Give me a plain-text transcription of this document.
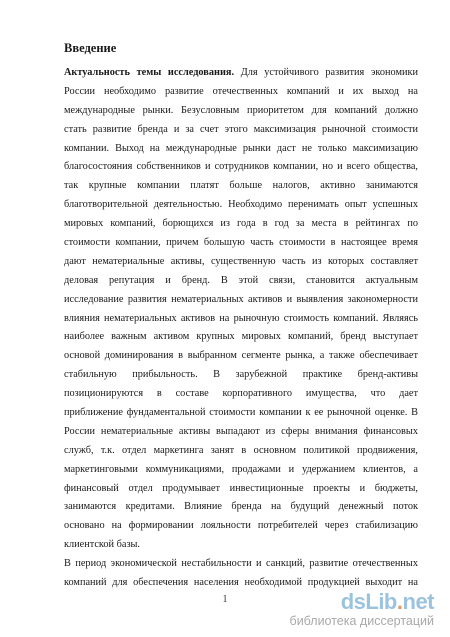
Введение
Актуальность темы исследования. Для устойчивого развития экономики
России необходимо развитие отечественных компаний и их выход на
международные рынки. Безусловным приоритетом для компаний должно
стать развитие бренда и за счет этого максимизация рыночной стоимости
компании. Выход на международные рынки даст не только максимизацию
благосостояния собственников и сотрудников компании, но и всего общества,
так крупные компании платят больше налогов, активно занимаются
благотворительной деятельностью. Необходимо перенимать опыт успешных
мировых компаний, борющихся из года в год за места в рейтингах по
стоимости компании, причем большую часть стоимости в настоящее время
дают нематериальные активы, существенную часть из которых составляет
деловая репутация и бренд. В этой связи, становится актуальным
исследование развития нематериальных активов и выявления закономерности
влияния нематериальных активов на рыночную стоимость компаний. Являясь
наиболее важным активом крупных мировых компаний, бренд выступает
основой доминирования в выбранном сегменте рынка, а также обеспечивает
стабильную прибыльность. В зарубежной практике бренд-активы
позиционируются в составе корпоративного имущества, что дает
приближение фундаментальной стоимости компании к ее рыночной оценке. В
России нематериальные активы выпадают из сферы внимания финансовых
служб, т.к. отдел маркетинга занят в основном политикой продвижения,
маркетинговыми коммуникациями, продажами и удержанием клиентов, а
финансовый отдел продумывает инвестиционные проекты и бюджеты,
занимаются кредитами. Влияние бренда на будущий денежный поток
основано на формировании лояльности потребителей через стабилизацию
клиентской базы.
В период экономической нестабильности и санкций, развитие отечественных
компаний для обеспечения населения необходимой продукцией выходит на
1	dsLib.net
библиотека диссертаций
